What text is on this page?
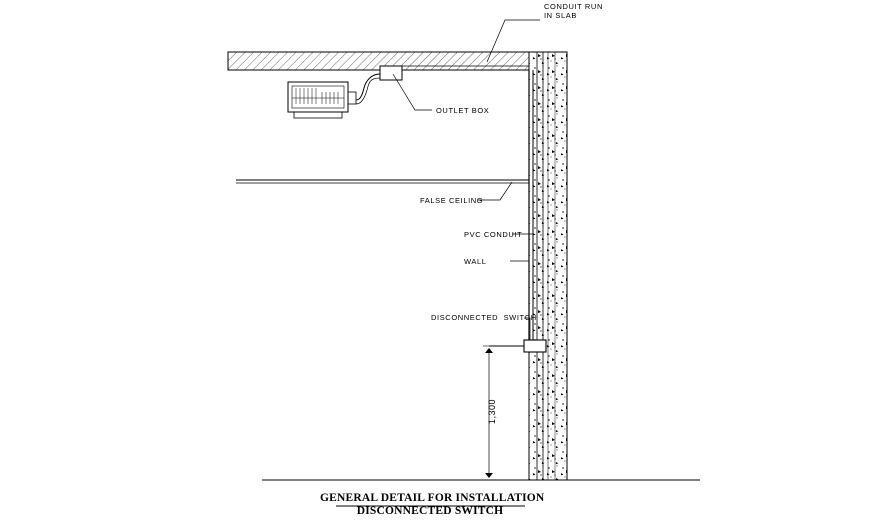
CONDUIT RUN
IN SLAB
OUTLET BOX
FALSE CEILING
PVC CONDUIT
WALL
DISCONNECTED  SWITCH
1,300
GENERAL DETAIL FOR INSTALLATION
DISCONNECTED SWITCH
